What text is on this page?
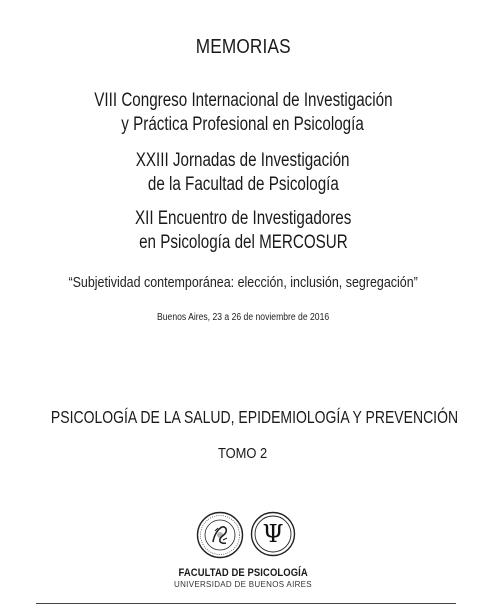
MEMORIAS
VIII Congreso Internacional de Investigación
y Práctica Profesional en Psicología
XXIII Jornadas de Investigación
de la Facultad de Psicología
XII Encuentro de Investigadores
en Psicología del MERCOSUR
“Subjetividad contemporánea: elección, inclusión, segregación”
Buenos Aires, 23 a 26 de noviembre de 2016
PSICOLOGÍA DE LA SALUD, EPIDEMIOLOGÍA Y PREVENCIÓN
TOMO 2
Ψ
FACULTAD DE PSICOLOGÍA
UNIVERSIDAD DE BUENOS AIRES
